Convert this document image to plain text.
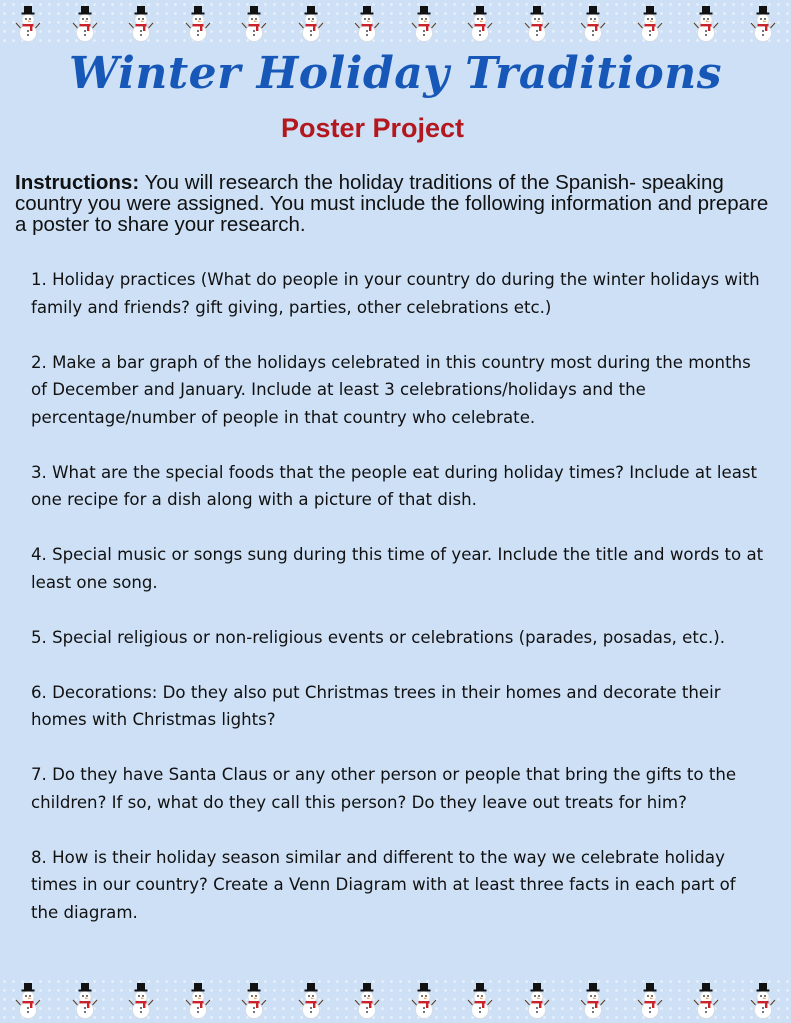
Winter Holiday Traditions
Poster Project
Instructions: You will research the holiday traditions of the Spanish- speaking country you were assigned. You must include the following information and prepare a poster to share your research.

1. Holiday practices (What do people in your country do during the winter holidays with family and friends? gift giving, parties, other celebrations etc.)

2. Make a bar graph of the holidays celebrated in this country most during the months of December and January. Include at least 3 celebrations/holidays and the percentage/number of people in that country who celebrate.

3. What are the special foods that the people eat during holiday times? Include at least one recipe for a dish along with a picture of that dish.

4. Special music or songs sung during this time of year. Include the title and words to at least one song.

5. Special religious or non-religious events or celebrations (parades, posadas, etc.).

6. Decorations: Do they also put Christmas trees in their homes and decorate their homes with Christmas lights?

7. Do they have Santa Claus or any other person or people that bring the gifts to the children? If so, what do they call this person? Do they leave out treats for him?

8. How is their holiday season similar and different to the way we celebrate holiday times in our country? Create a Venn Diagram with at least three facts in each part of the diagram.
